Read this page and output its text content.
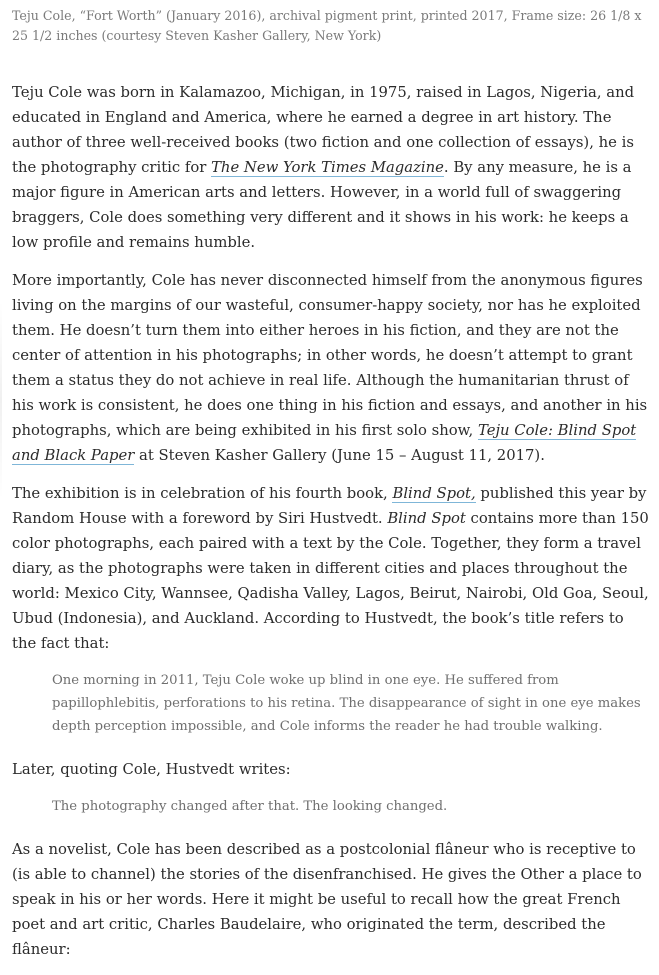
Teju Cole, “Fort Worth” (January 2016), archival pigment print, printed 2017, Frame size: 26 1/8 x 25 1/2 inches (courtesy Steven Kasher Gallery, New York)

Teju Cole was born in Kalamazoo, Michigan, in 1975, raised in Lagos, Nigeria, and educated in England and America, where he earned a degree in art history. The author of three well-received books (two fiction and one collection of essays), he is the photography critic for The New York Times Magazine. By any measure, he is a major figure in American arts and letters. However, in a world full of swaggering braggers, Cole does something very different and it shows in his work: he keeps a low profile and remains humble.

More importantly, Cole has never disconnected himself from the anonymous figures living on the margins of our wasteful, consumer-happy society, nor has he exploited them. He doesn’t turn them into either heroes in his fiction, and they are not the center of attention in his photographs; in other words, he doesn’t attempt to grant them a status they do not achieve in real life. Although the humanitarian thrust of his work is consistent, he does one thing in his fiction and essays, and another in his photographs, which are being exhibited in his first solo show, Teju Cole: Blind Spot and Black Paper at Steven Kasher Gallery (June 15 – August 11, 2017).

The exhibition is in celebration of his fourth book, Blind Spot, published this year by Random House with a foreword by Siri Hustvedt. Blind Spot contains more than 150 color photographs, each paired with a text by the Cole. Together, they form a travel diary, as the photographs were taken in different cities and places throughout the world: Mexico City, Wannsee, Qadisha Valley, Lagos, Beirut, Nairobi, Old Goa, Seoul, Ubud (Indonesia), and Auckland. According to Hustvedt, the book’s title refers to the fact that:

One morning in 2011, Teju Cole woke up blind in one eye. He suffered from papillophlebitis, perforations to his retina. The disappearance of sight in one eye makes depth perception impossible, and Cole informs the reader he had trouble walking.

Later, quoting Cole, Hustvedt writes:

The photography changed after that. The looking changed.

As a novelist, Cole has been described as a postcolonial flâneur who is receptive to (is able to channel) the stories of the disenfranchised. He gives the Other a place to speak in his or her words. Here it might be useful to recall how the great French poet and art critic, Charles Baudelaire, who originated the term, described the flâneur:
